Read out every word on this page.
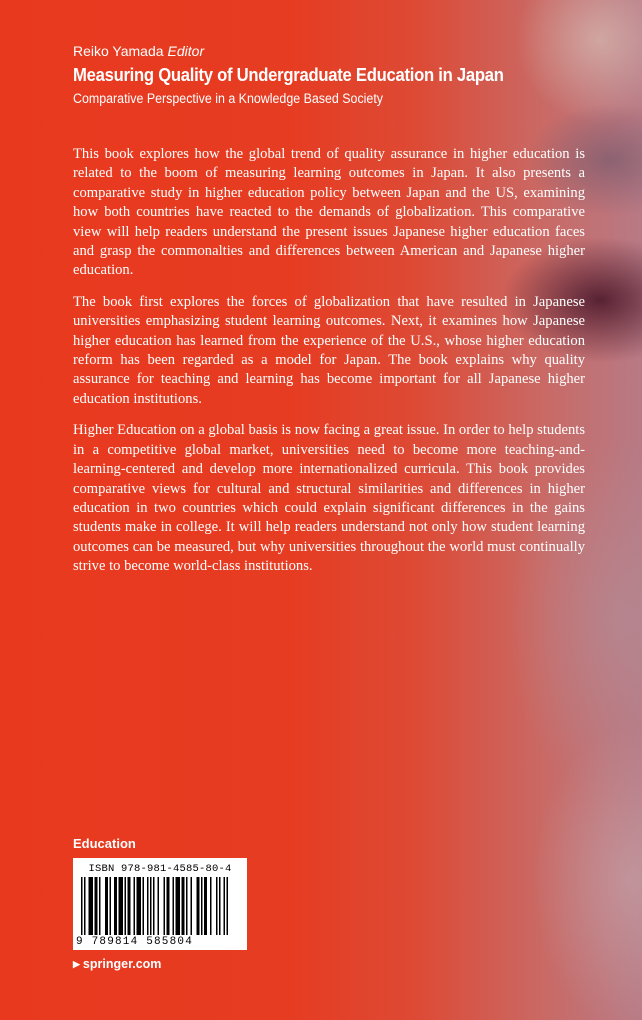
Reiko Yamada Editor
Measuring Quality of Undergraduate Education in Japan
Comparative Perspective in a Knowledge Based Society

This book explores how the global trend of quality assurance in higher education is related to the boom of measuring learning outcomes in Japan. It also presents a comparative study in higher education policy between Japan and the US, examining how both countries have reacted to the demands of globalization. This comparative view will help readers understand the present issues Japanese higher education faces and grasp the commonalties and differences between American and Japanese higher education.

The book first explores the forces of globalization that have resulted in Japanese universities emphasizing student learning outcomes. Next, it examines how Japanese higher education has learned from the experience of the U.S., whose higher education reform has been regarded as a model for Japan. The book explains why quality assurance for teaching and learning has become important for all Japanese higher education institutions.

Higher Education on a global basis is now facing a great issue. In order to help students in a competitive global market, universities need to become more teaching-and-learning-centered and develop more internationalized curricula. This book provides comparative views for cultural and structural similarities and differences in higher education in two countries which could explain significant differences in the gains students make in college. It will help readers understand not only how student learning outcomes can be measured, but why universities throughout the world must continually strive to become world-class institutions.

Education
ISBN 978-981-4585-80-4
9 789814 585804
▶ springer.com
